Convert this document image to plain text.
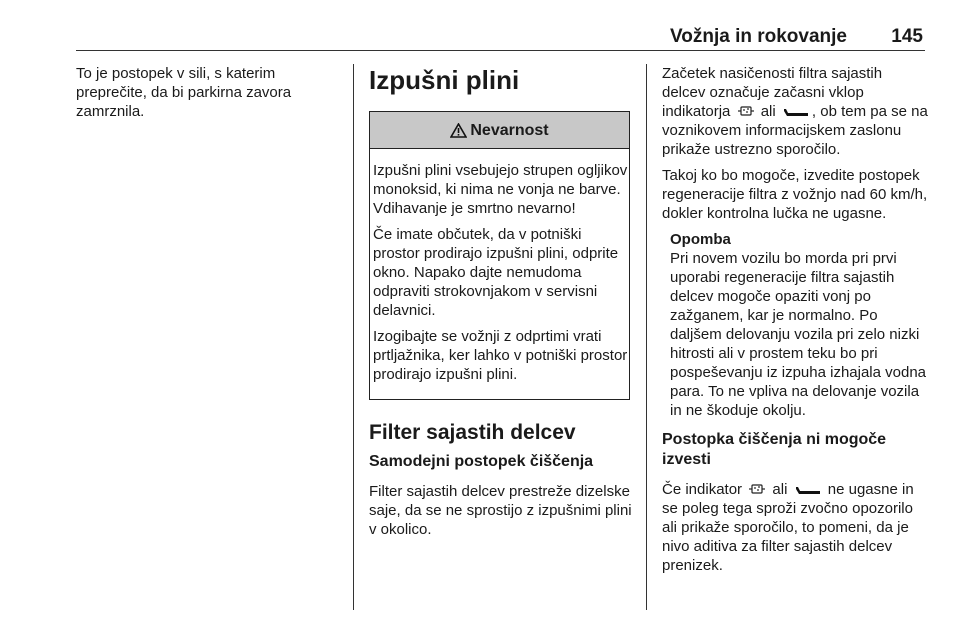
Vožnja in rokovanje 145

To je postopek v sili, s katerim preprečite, da bi parkirna zavora zamrznila.

Izpušni plini
Nevarnost

Izpušni plini vsebujejo strupen ogljikov monoksid, ki nima ne vonja ne barve. Vdihavanje je smrtno nevarno!

Če imate občutek, da v potniški prostor prodirajo izpušni plini, odprite okno. Napako dajte nemudoma odpraviti strokovnjakom v servisni delavnici.

Izogibajte se vožnji z odprtimi vrati prtljažnika, ker lahko v potniški prostor prodirajo izpušni plini.

Filter sajastih delcev
Samodejni postopek čiščenja

Filter sajastih delcev prestreže dizelske saje, da se ne sprostijo z izpušnimi plini v okolico.

Začetek nasičenosti filtra sajastih delcev označuje začasni vklop indikatorja ali , ob tem pa se na voznikovem informacijskem zaslonu prikaže ustrezno sporočilo.

Takoj ko bo mogoče, izvedite postopek regeneracije filtra z vožnjo nad 60 km/h, dokler kontrolna lučka ne ugasne.

Opomba
Pri novem vozilu bo morda pri prvi uporabi regeneracije filtra sajastih delcev mogoče opaziti vonj po zažganem, kar je normalno. Po daljšem delovanju vozila pri zelo nizki hitrosti ali v prostem teku bo pri pospeševanju iz izpuha izhajala vodna para. To ne vpliva na delovanje vozila in ne škoduje okolju.
Postopka čiščenja ni mogoče izvesti

Če indikator ali	ne ugasne in se poleg tega sproži zvočno opozorilo ali prikaže sporočilo, to pomeni, da je nivo aditiva za filter sajastih delcev prenizek.
